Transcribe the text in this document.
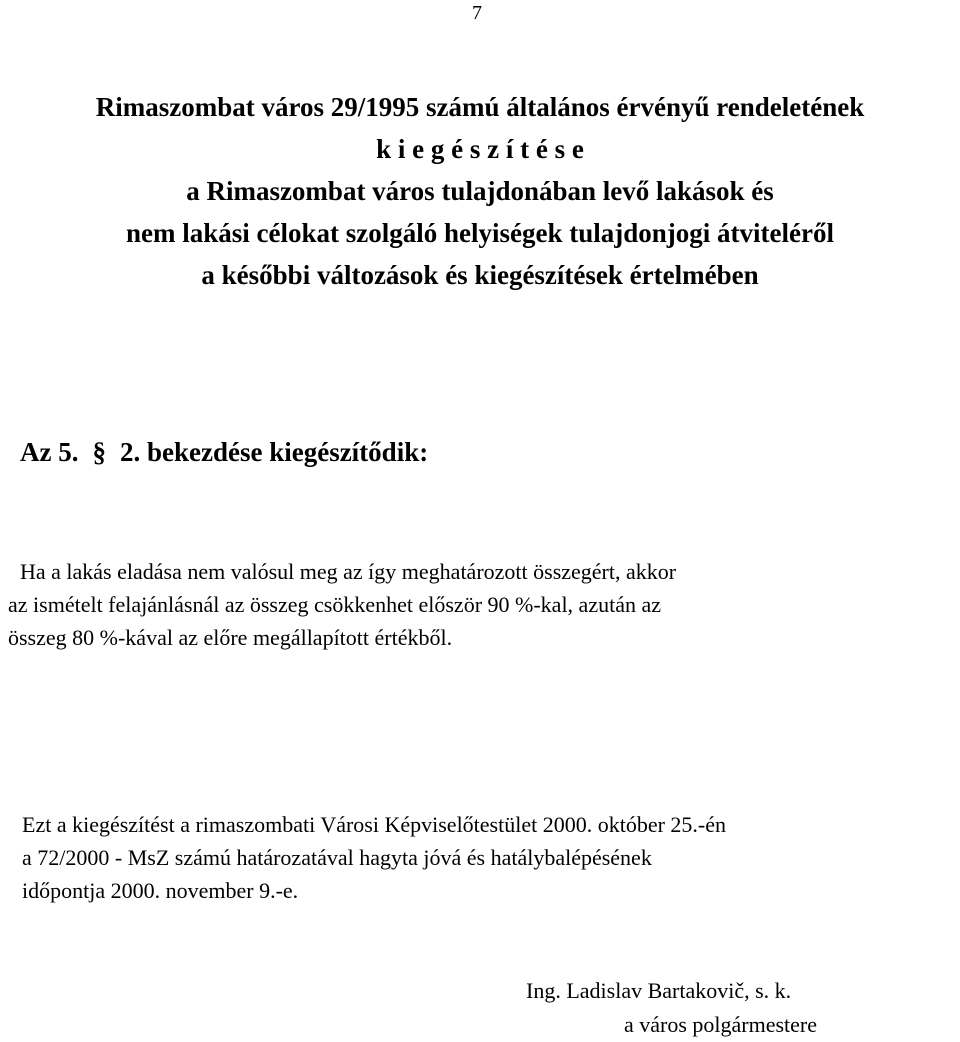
7
Rimaszombat város 29/1995 számú általános érvényű rendeletének
k i e g é s z í t é s e
a Rimaszombat város tulajdonában levő lakások és
nem lakási célokat szolgáló helyiségek tulajdonjogi átviteléről
a későbbi változások és kiegészítések értelmében
Az 5. § 2. bekezdése kiegészítődik:
Ha a lakás eladása nem valósul meg az így meghatározott összegért, akkor
az ismételt felajánlásnál az összeg csökkenhet először 90 %-kal, azután az
összeg 80 %-kával az előre megállapított értékből.
Ezt a kiegészítést a rimaszombati Városi Képviselőtestület 2000. október 25.-én
a 72/2000 - MsZ számú határozatával hagyta jóvá és hatálybalépésének
időpontja 2000. november 9.-e.
Ing. Ladislav Bartakovič, s. k.
a város polgármestere
